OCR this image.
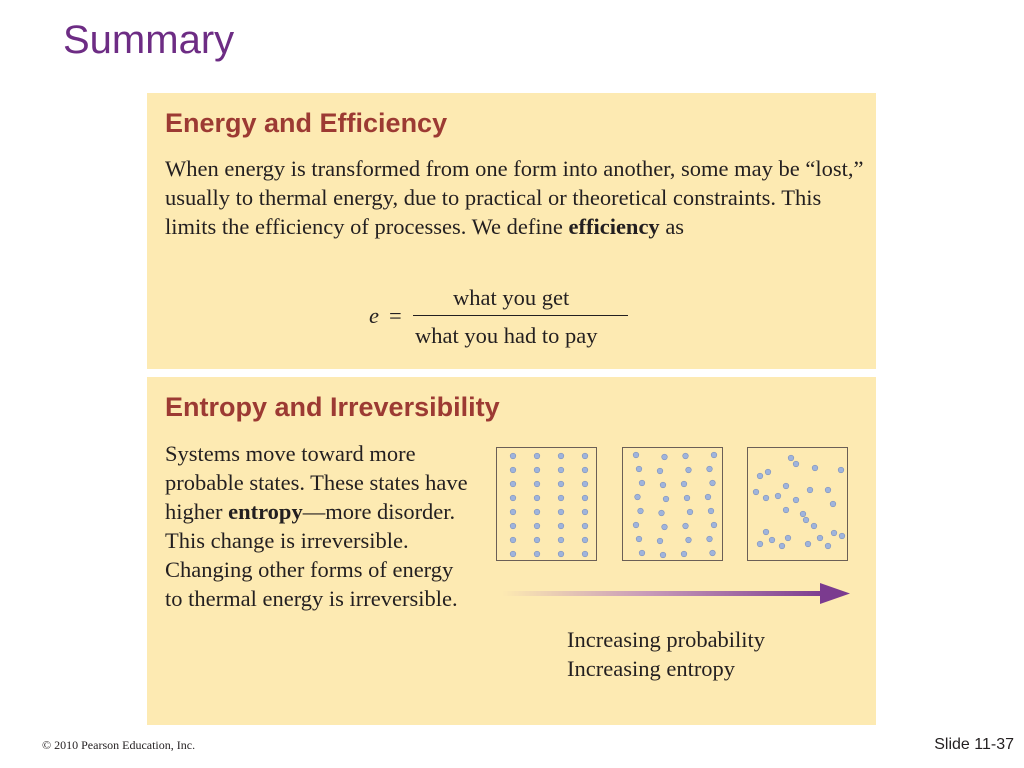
Summary
Energy and Efficiency

When energy is transformed from one form into another, some may be “lost,” usually to thermal energy, due to practical or theoretical constraints. This limits the efficiency of processes. We define efficiency as

e =
what you get
what you had to pay
Entropy and Irreversibility

Systems move toward more probable states. These states have higher entropy—more disorder. This change is irreversible. Changing other forms of energy to thermal energy is irreversible.

Increasing probability
Increasing entropy

© 2010 Pearson Education, Inc.	Slide 11-37
